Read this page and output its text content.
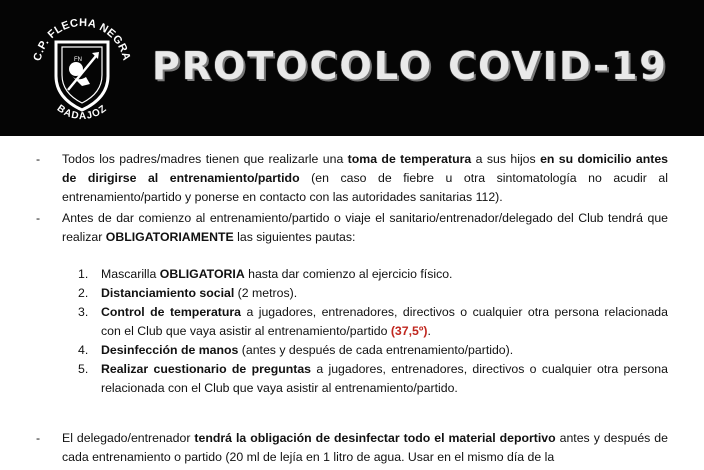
C.P. FLECHA NEGRA
BADAJOZ
FN PROTOCOLO COVID-19
- Todos los padres/madres tienen que realizarle una toma de temperatura a sus hijos en su domicilio antes de dirigirse al entrenamiento/partido (en caso de fiebre u otra sintomatología no acudir al entrenamiento/partido y ponerse en contacto con las autoridades sanitarias 112).
- Antes de dar comienzo al entrenamiento/partido o viaje el sanitario/entrenador/delegado del Club tendrá que realizar OBLIGATORIAMENTE las siguientes pautas:
1. Mascarilla OBLIGATORIA hasta dar comienzo al ejercicio físico.
2. Distanciamiento social (2 metros).
3. Control de temperatura a jugadores, entrenadores, directivos o cualquier otra persona relacionada con el Club que vaya asistir al entrenamiento/partido (37,5º).
4. Desinfección de manos (antes y después de cada entrenamiento/partido).
5. Realizar cuestionario de preguntas a jugadores, entrenadores, directivos o cualquier otra persona relacionada con el Club que vaya asistir al entrenamiento/partido.
- El delegado/entrenador tendrá la obligación de desinfectar todo el material deportivo antes y después de cada entrenamiento o partido (20 ml de lejía en 1 litro de agua. Usar en el mismo día de la
